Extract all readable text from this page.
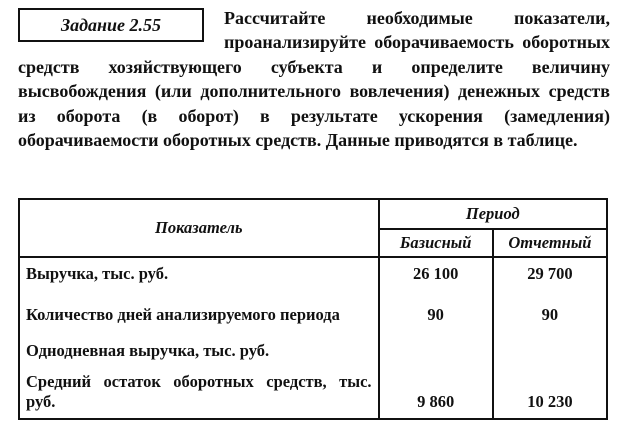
Задание 2.55	Рассчитайте необходимые показатели, проанализируйте оборачиваемость оборотных средств хозяйствующего субъекта и определите величину высвобождения (или дополнительного вовлечения) денежных средств из оборота (в оборот) в результате ускорения (замедления) оборачиваемости оборотных средств. Данные приводятся в таблице.

Показатель	Период	
	Базисный	Отчетный
Выручка, тыс. руб.	26 100	29 700
Количество дней анализируемого периода	90	90
Однодневная выручка, тыс. руб.		
Средний остаток оборотных средств, тыс. руб.	9 860	10 230
